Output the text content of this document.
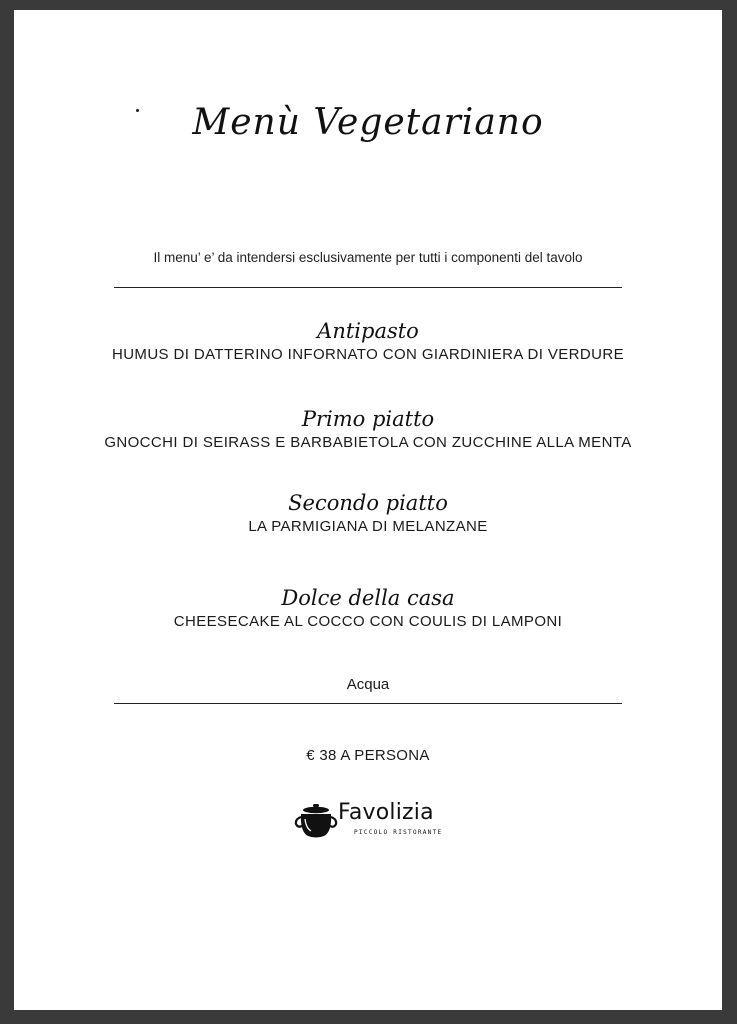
Menù Vegetariano
Il menu’ e’ da intendersi esclusivamente per tutti i componenti del tavolo
Antipasto
HUMUS DI DATTERINO INFORNATO CON GIARDINIERA DI VERDURE
Primo piatto
GNOCCHI DI SEIRASS E BARBABIETOLA CON ZUCCHINE ALLA MENTA
Secondo piatto
LA PARMIGIANA DI MELANZANE
Dolce della casa
CHEESECAKE AL COCCO CON COULIS DI LAMPONI
Acqua
€ 38 A PERSONA
Favolizia
PICCOLO RISTORANTE
